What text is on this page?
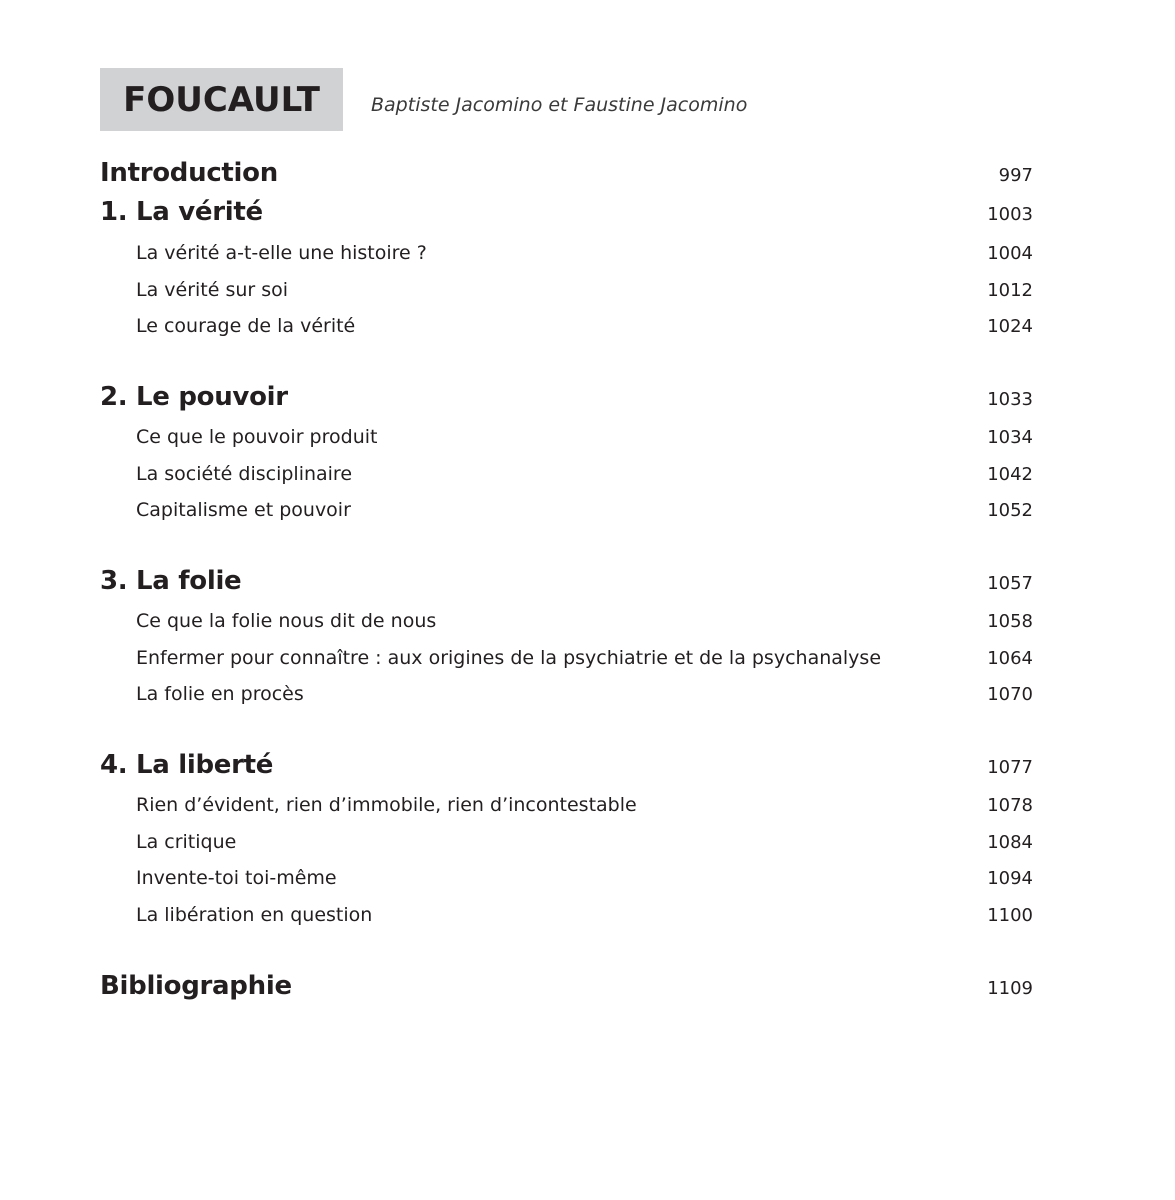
FOUCAULT	Baptiste Jacomino et Faustine Jacomino
Introduction	997
1. La vérité	1003
La vérité a-t-elle une histoire ?	1004
La vérité sur soi	1012
Le courage de la vérité	1024
2. Le pouvoir	1033
Ce que le pouvoir produit	1034
La société disciplinaire	1042
Capitalisme et pouvoir	1052
3. La folie	1057
Ce que la folie nous dit de nous	1058
Enfermer pour connaître : aux origines de la psychiatrie et de la psychanalyse	1064
La folie en procès	1070
4. La liberté	1077
Rien d’évident, rien d’immobile, rien d’incontestable	1078
La critique	1084
Invente-toi toi-même	1094
La libération en question	1100
Bibliographie	1109
